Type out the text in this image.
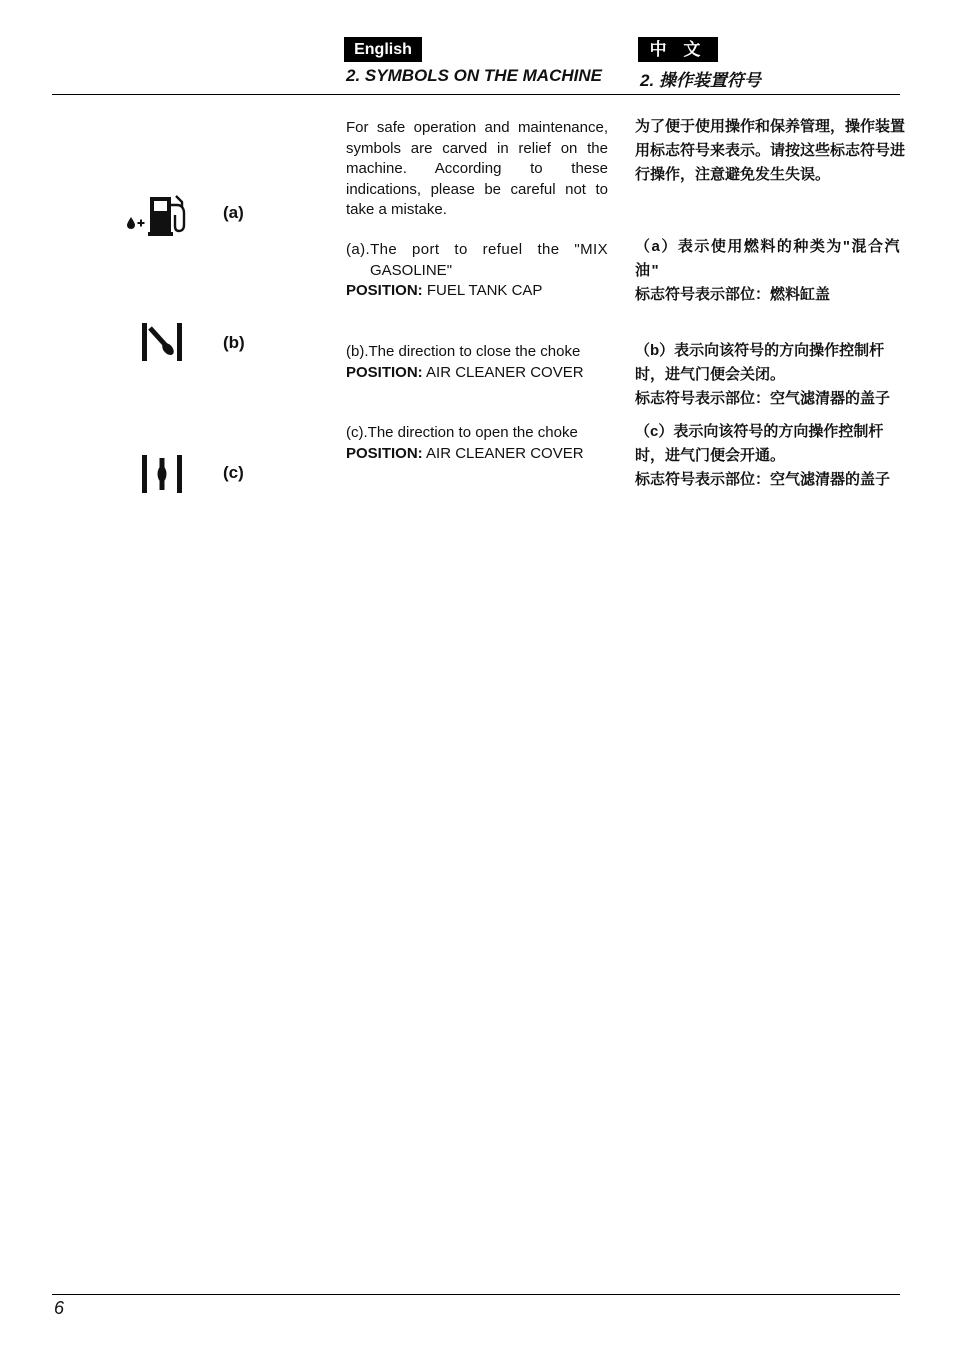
English	中 文
2. SYMBOLS ON THE MACHINE 2. 操作装置符号
(a)
(b)
(c)
For safe operation and maintenance, symbols are carved in relief on the machine. According to these indications, please be careful not to take a mistake.
为了便于使用操作和保养管理，操作装置用标志符号来表示。请按这些标志符号进行操作，注意避免发生失误。
(a).The port to refuel the "MIX
GASOLINE"
POSITION: FUEL TANK CAP
（a）表示使用燃料的种类为"混合汽油"
标志符号表示部位：燃料缸盖
(b).The direction to close the choke
POSITION: AIR CLEANER COVER
（b）表示向该符号的方向操作控制杆时，进气门便会关闭。
标志符号表示部位：空气滤清器的盖子
(c).The direction to open the choke
POSITION: AIR CLEANER COVER
（c）表示向该符号的方向操作控制杆时，进气门便会开通。
标志符号表示部位：空气滤清器的盖子
6
